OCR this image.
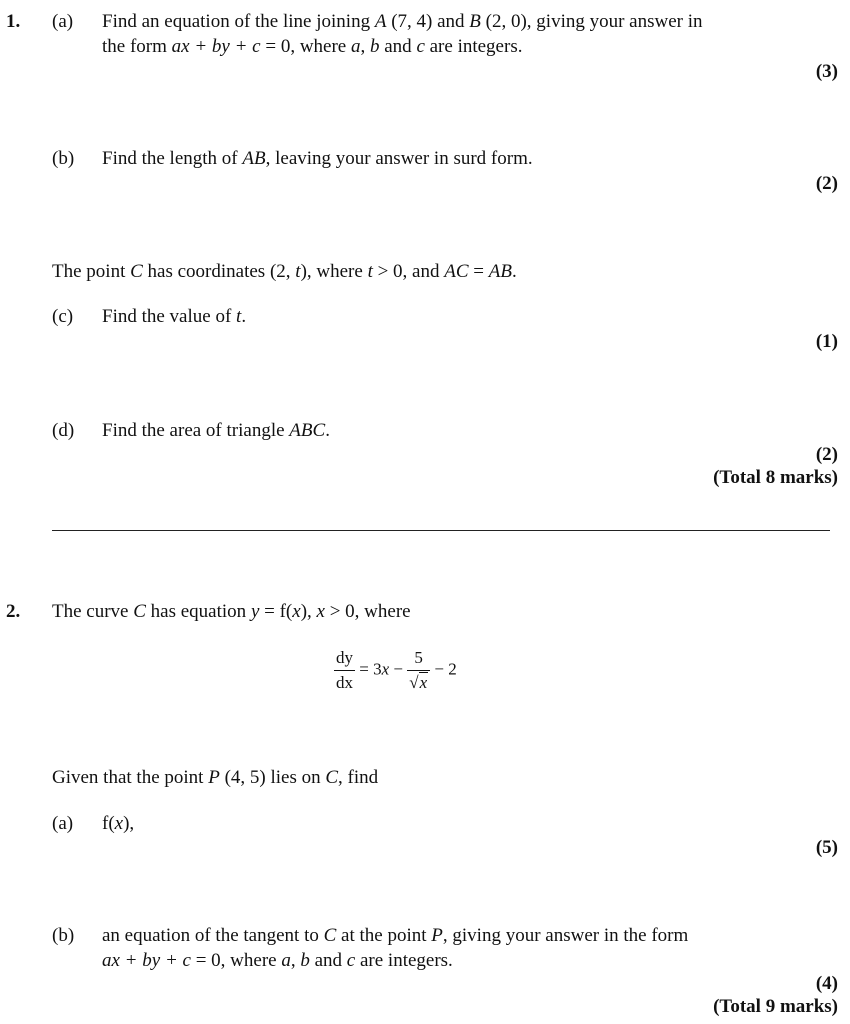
1. (a) Find an equation of the line joining A (7, 4) and B (2, 0), giving your answer in
the form ax + by + c = 0, where a, b and c are integers.
(3)
(b) Find the length of AB, leaving your answer in surd form.
(2)
The point C has coordinates (2, t), where t > 0, and AC = AB.
(c) Find the value of t.
(1)
(d) Find the area of triangle ABC.
(2)
(Total 8 marks)
2. The curve C has equation y = f(x), x > 0, where
$\frac{dy}{dx} = 3x - \frac{5}{√x} - 2$
Given that the point P (4, 5) lies on C, find
(a) f(x),
(5)
(b) an equation of the tangent to C at the point P, giving your answer in the form
ax + by + c = 0, where a, b and c are integers.
(4)
(Total 9 marks)
